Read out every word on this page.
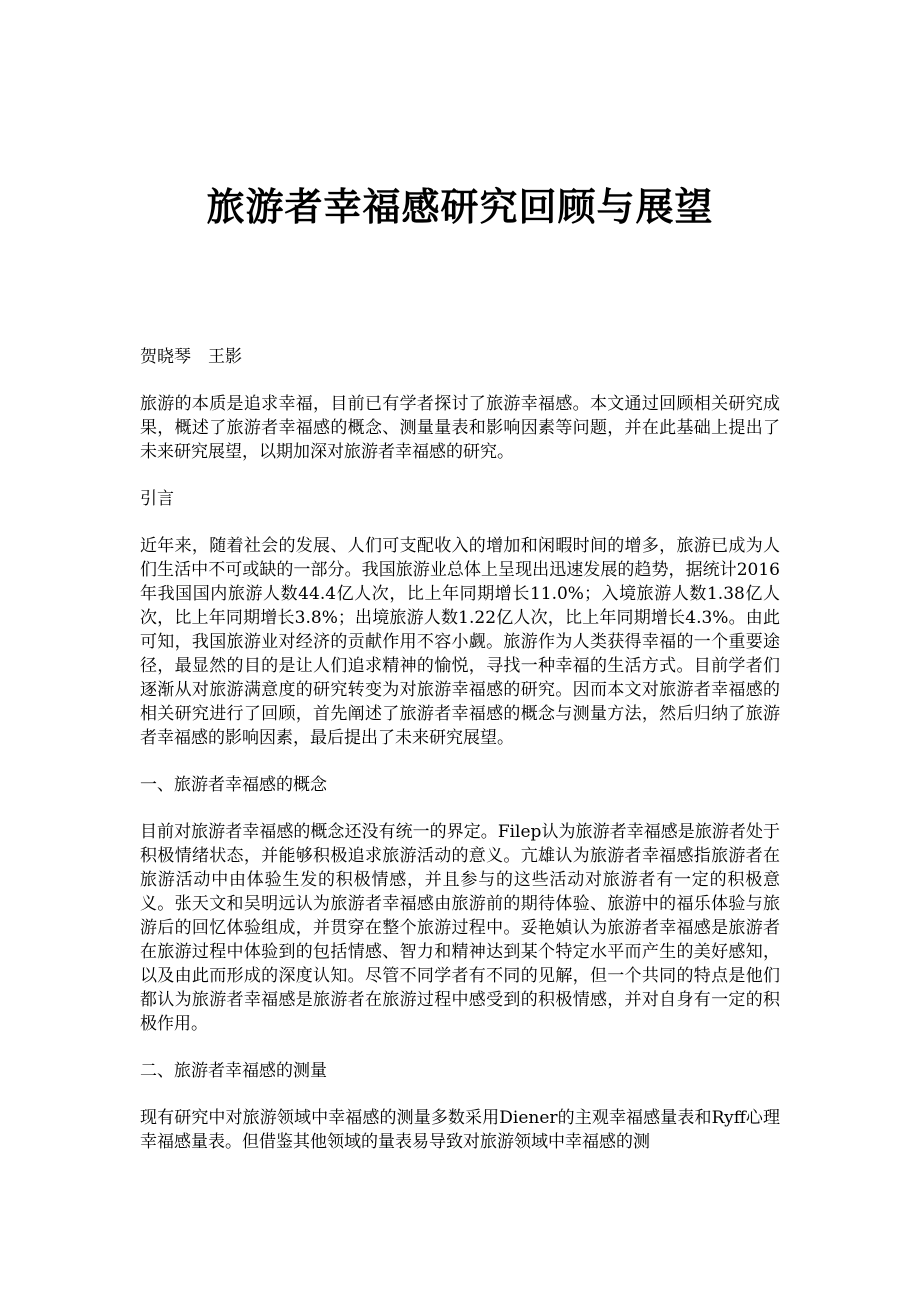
旅游者幸福感研究回顾与展望

贺晓琴　王影

旅游的本质是追求幸福，目前已有学者探讨了旅游幸福感。本文通过回顾相关研究成果，概述了旅游者幸福感的概念、测量量表和影响因素等问题，并在此基础上提出了未来研究展望，以期加深对旅游者幸福感的研究。

引言

近年来，随着社会的发展、人们可支配收入的增加和闲暇时间的增多，旅游已成为人们生活中不可或缺的一部分。我国旅游业总体上呈现出迅速发展的趋势，据统计2016年我国国内旅游人数44.4亿人次，比上年同期增长11.0%；入境旅游人数1.38亿人次，比上年同期增长3.8%；出境旅游人数1.22亿人次，比上年同期增长4.3%。由此可知，我国旅游业对经济的贡献作用不容小觑。旅游作为人类获得幸福的一个重要途径，最显然的目的是让人们追求精神的愉悦，寻找一种幸福的生活方式。目前学者们逐渐从对旅游满意度的研究转变为对旅游幸福感的研究。因而本文对旅游者幸福感的相关研究进行了回顾，首先阐述了旅游者幸福感的概念与测量方法，然后归纳了旅游者幸福感的影响因素，最后提出了未来研究展望。

一、旅游者幸福感的概念

目前对旅游者幸福感的概念还没有统一的界定。Filep认为旅游者幸福感是旅游者处于积极情绪状态，并能够积极追求旅游活动的意义。亢雄认为旅游者幸福感指旅游者在旅游活动中由体验生发的积极情感，并且参与的这些活动对旅游者有一定的积极意义。张天文和吴明远认为旅游者幸福感由旅游前的期待体验、旅游中的福乐体验与旅游后的回忆体验组成，并贯穿在整个旅游过程中。妥艳媜认为旅游者幸福感是旅游者在旅游过程中体验到的包括情感、智力和精神达到某个特定水平而产生的美好感知，以及由此而形成的深度认知。尽管不同学者有不同的见解，但一个共同的特点是他们都认为旅游者幸福感是旅游者在旅游过程中感受到的积极情感，并对自身有一定的积极作用。

二、旅游者幸福感的测量

现有研究中对旅游领域中幸福感的测量多数采用Diener的主观幸福感量表和Ryff心理幸福感量表。但借鉴其他领域的量表易导致对旅游领域中幸福感的测
